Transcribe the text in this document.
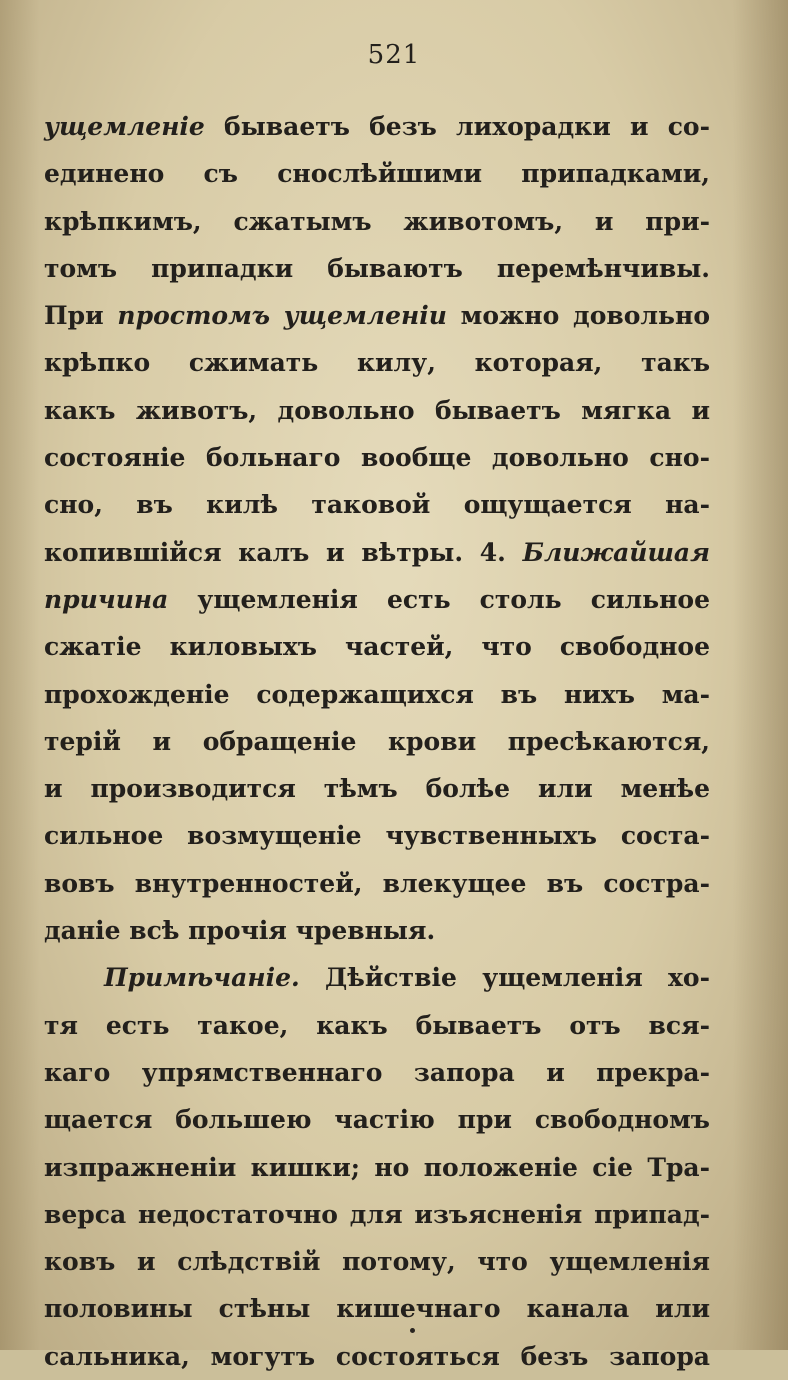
521
ущемленіе бываетъ безъ лихорадки и со-
единено съ снослѣйшими припадками,
крѣпкимъ, сжатымъ животомъ, и при-
томъ припадки бываютъ перемѣнчивы.
При простомъ ущемленіи можно довольно
крѣпко сжимать килу, которая, такъ
какъ животъ, довольно бываетъ мягка и
состояніе больнаго вообще довольно сно-
сно, въ килѣ таковой ощущается на-
копившійся калъ и вѣтры. 4. Ближайшая
причина ущемленія есть столь сильное
сжатіе киловыхъ частей, что свободное
прохожденіе содержащихся въ нихъ ма-
терій и обращеніе крови пресѣкаются,
и производится тѣмъ болѣе или менѣе
сильное возмущеніе чувственныхъ соста-
вовъ внутренностей, влекущее въ сострa-
даніе всѣ прочія чревныя.
Примѣчаніе. Дѣйствіе ущемленія хо-
тя есть такое, какъ бываетъ отъ вся-
каго упрямственнаго запора и прекра-
щается большею частію при свободномъ
изпражненіи кишки; но положеніе сіе Тра-
верса недостаточно для изъясненія припад-
ковъ и слѣдствій потому, что ущемленія
половины стѣны кишечнаго канала или
сальника, могутъ состояться безъ запора
